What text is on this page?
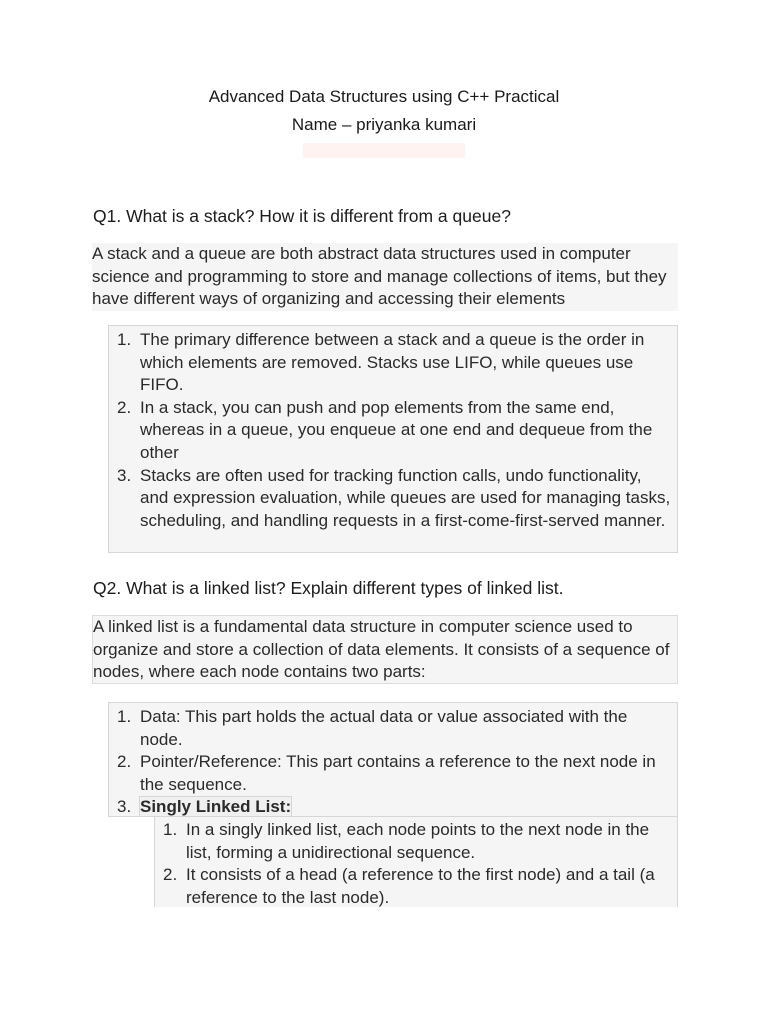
Advanced Data Structures using C++ Practical
Name – priyanka kumari
Q1. What is a stack? How it is different from a queue?
A stack and a queue are both abstract data structures used in computer science and programming to store and manage collections of items, but they have different ways of organizing and accessing their elements
1. The primary difference between a stack and a queue is the order in which elements are removed. Stacks use LIFO, while queues use FIFO.
2. In a stack, you can push and pop elements from the same end, whereas in a queue, you enqueue at one end and dequeue from the other
3. Stacks are often used for tracking function calls, undo functionality, and expression evaluation, while queues are used for managing tasks, scheduling, and handling requests in a first-come-first-served manner.
Q2. What is a linked list? Explain different types of linked list.
A linked list is a fundamental data structure in computer science used to organize and store a collection of data elements. It consists of a sequence of nodes, where each node contains two parts:
1. Data: This part holds the actual data or value associated with the node.
2. Pointer/Reference: This part contains a reference to the next node in the sequence.
3. Singly Linked List:
1. In a singly linked list, each node points to the next node in the list, forming a unidirectional sequence.
2. It consists of a head (a reference to the first node) and a tail (a reference to the last node).
